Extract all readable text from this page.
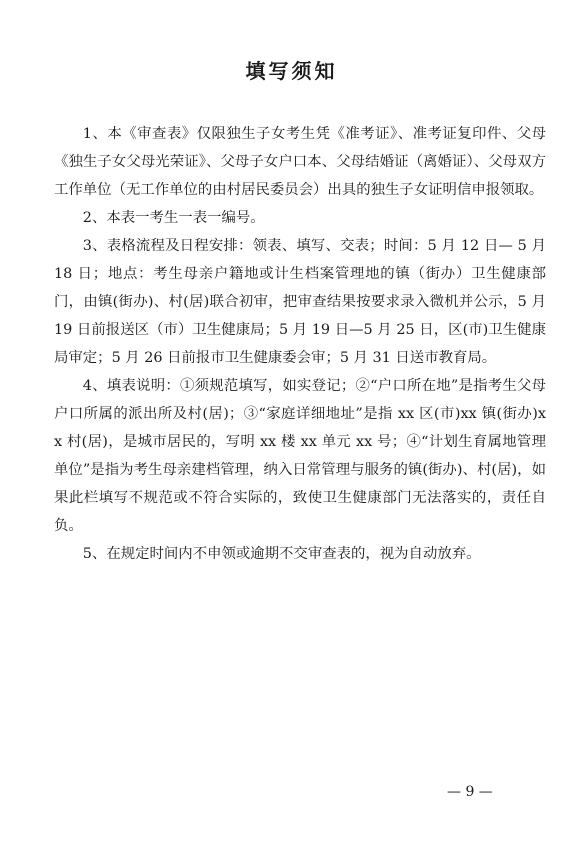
填写须知

1、本《审查表》仅限独生子女考生凭《准考证》、准考证复印件、父母《独生子女父母光荣证》、父母子女户口本、父母结婚证（离婚证）、父母双方工作单位（无工作单位的由村居民委员会）出具的独生子女证明信申报领取。

2、本表一考生一表一编号。

3、表格流程及日程安排：领表、填写、交表；时间：5 月 12 日— 5 月 18 日；地点：考生母亲户籍地或计生档案管理地的镇（街办）卫生健康部门，由镇(街办)、村(居)联合初审，把审查结果按要求录入微机并公示，5 月 19 日前报送区（市）卫生健康局；5 月 19 日—5 月 25 日，区(市)卫生健康局审定；5 月 26 日前报市卫生健康委会审；5 月 31 日送市教育局。

4、填表说明：①须规范填写，如实登记；②“户口所在地”是指考生父母户口所属的派出所及村(居)；③“家庭详细地址”是指 xx 区(市)xx 镇(街办)x　x 村(居)，是城市居民的，写明 xx 楼 xx 单元 xx 号；④“计划生育属地管理单位”是指为考生母亲建档管理，纳入日常管理与服务的镇(街办)、村(居)，如果此栏填写不规范或不符合实际的，致使卫生健康部门无法落实的，责任自负。

5、在规定时间内不申领或逾期不交审查表的，视为自动放弃。

— 9 —
